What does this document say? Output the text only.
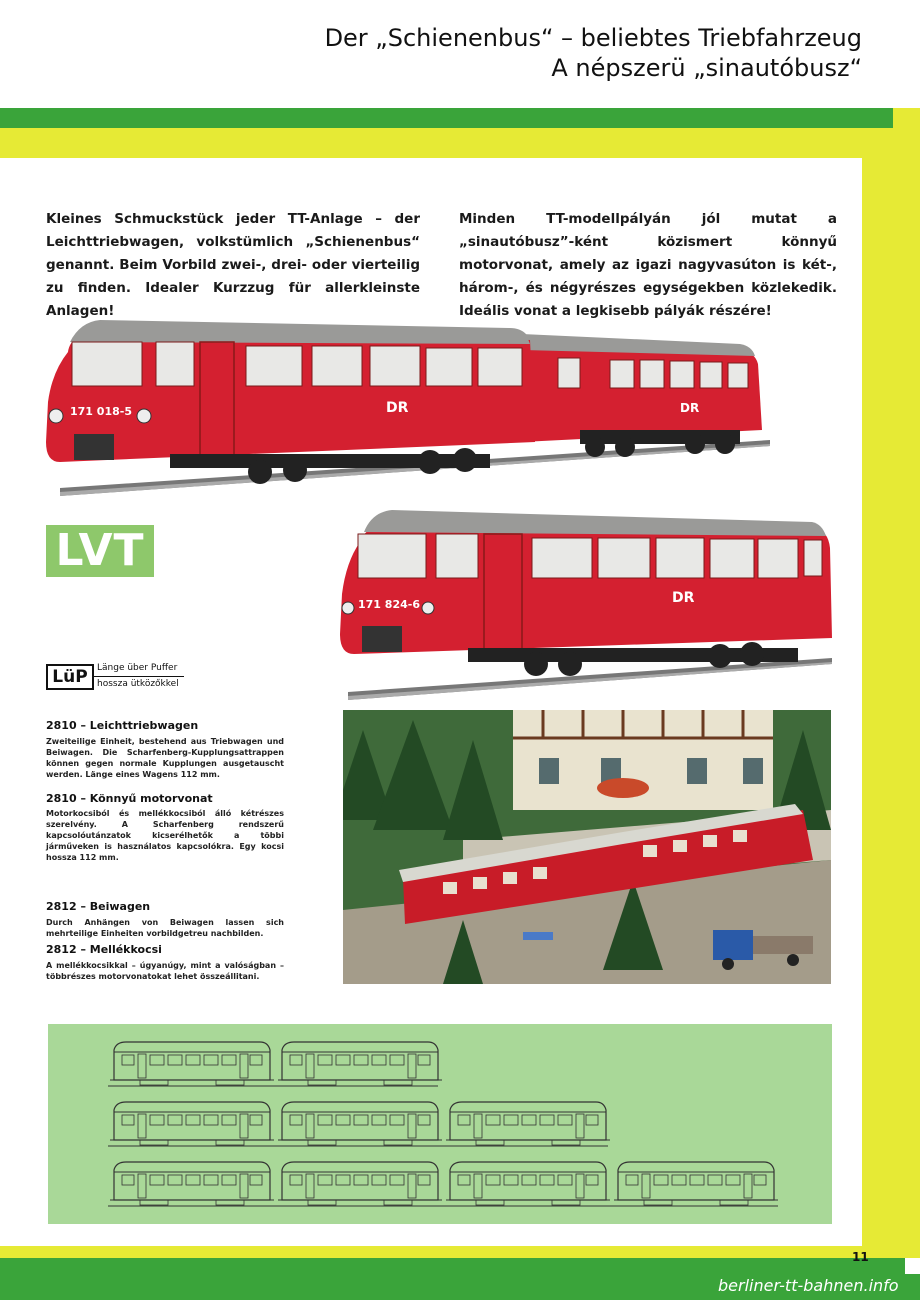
Der „Schienenbus“ – beliebtes Triebfahrzeug
A népszerü „sinautóbusz“
Kleines Schmuckstück jeder TT-Anlage – der Leichttriebwagen, volkstümlich „Schienenbus“ genannt. Beim Vorbild zwei-, drei- oder vierteilig zu finden. Idealer Kurzzug für allerkleinste Anlagen!
Minden TT-modellpályán jól mutat a „sinautóbusz”-ként közismert könnyű motorvonat, amely az igazi nagyvasúton is két-, három-, és négyrészes egységekben közlekedik. Ideális vonat a legkisebb pályák részére!
DR
171 018-5	DR
LVT
171 824-6	DR
LüP	Länge über Puffer
hossza ütközőkkel
2810 – Leichttriebwagen
Zweiteilige Einheit, bestehend aus Triebwagen und Beiwagen. Die Scharfenberg-Kupplungsattrappen können gegen normale Kupplungen ausgetauscht werden. Länge eines Wagens 112 mm.
2810 – Könnyű motorvonat
Motorkocsiból és mellékkocsiból álló kétrészes szerelvény. A Scharfenberg rendszerű kapcsolóutánzatok kicserélhetők a többi járműveken is használatos kapcsolókra. Egy kocsi hossza 112 mm.
2812 – Beiwagen
Durch Anhängen von Beiwagen lassen sich mehrteilige Einheiten vorbildgetreu nachbilden.
2812 – Mellékkocsi
A mellékkocsikkal – úgyanúgy, mint a valóságban – többrészes motorvonatokat lehet összeállitani.
11
berliner-tt-bahnen.info
